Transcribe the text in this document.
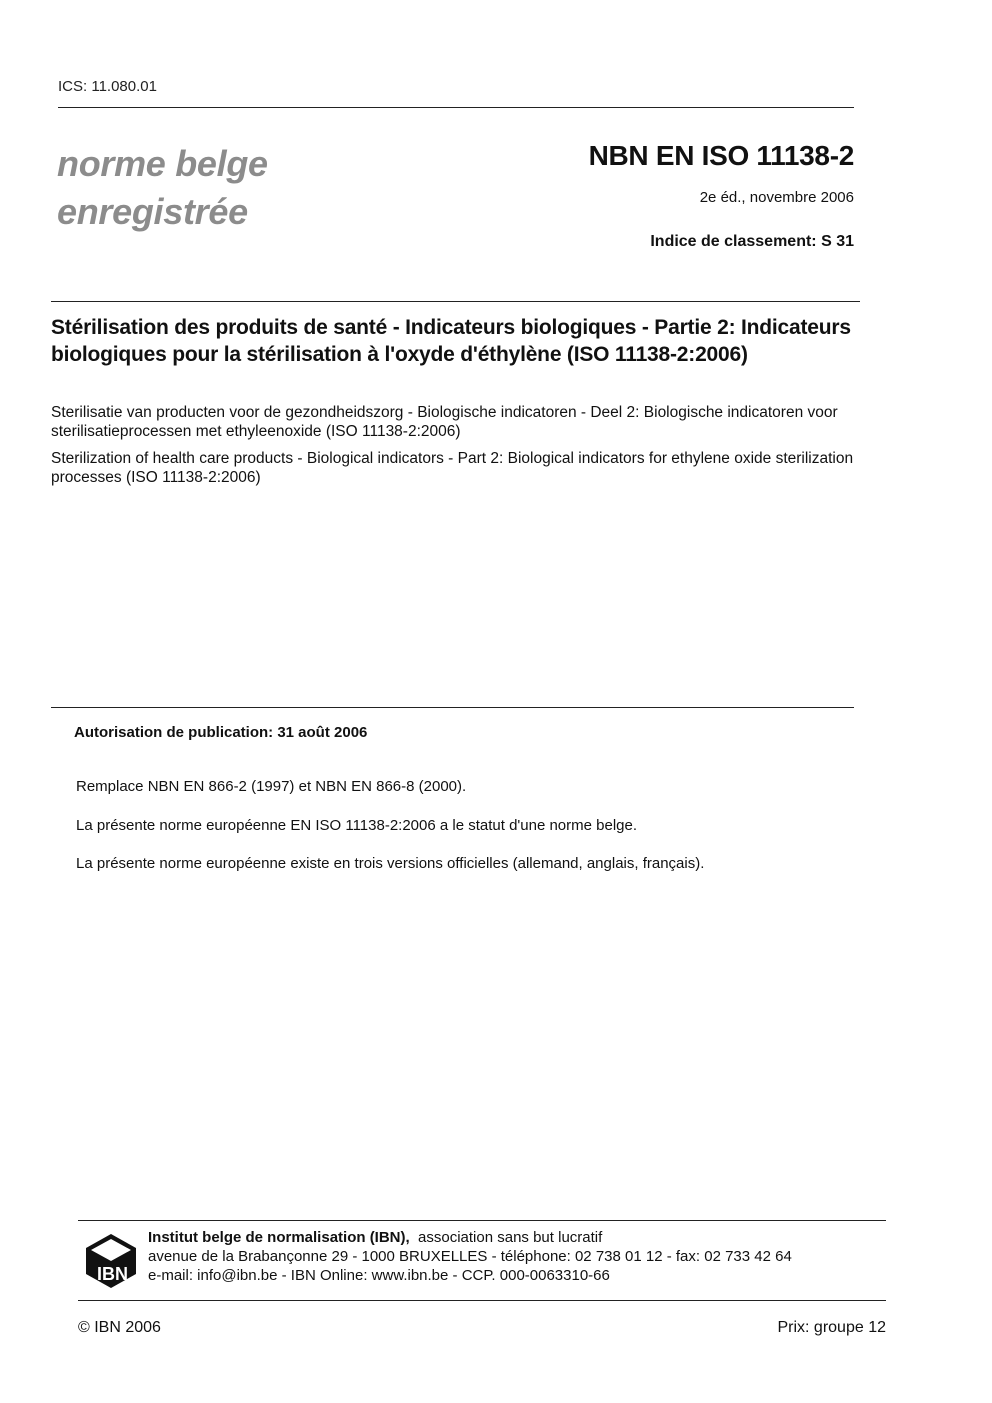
ICS: 11.080.01
norme belge
enregistrée
NBN EN ISO 11138-2
2e éd., novembre 2006
Indice de classement: S 31
Stérilisation des produits de santé - Indicateurs biologiques - Partie 2: Indicateurs biologiques pour la stérilisation à l'oxyde d'éthylène (ISO 11138-2:2006)
Sterilisatie van producten voor de gezondheidszorg - Biologische indicatoren - Deel 2: Biologische indicatoren voor sterilisatieprocessen met ethyleenoxide (ISO 11138-2:2006)
Sterilization of health care products - Biological indicators - Part 2: Biological indicators for ethylene oxide sterilization processes (ISO 11138-2:2006)
Autorisation de publication: 31 août 2006
Remplace NBN EN 866-2 (1997) et NBN EN 866-8 (2000).
La présente norme européenne EN ISO 11138-2:2006 a le statut d'une norme belge.
La présente norme européenne existe en trois versions officielles (allemand, anglais, français).
IBN
Institut belge de normalisation (IBN), association sans but lucratif
avenue de la Brabançonne 29 - 1000 BRUXELLES - téléphone: 02 738 01 12 - fax: 02 733 42 64
e-mail: info@ibn.be - IBN Online: www.ibn.be - CCP. 000-0063310-66
© IBN 2006	Prix: groupe 12
